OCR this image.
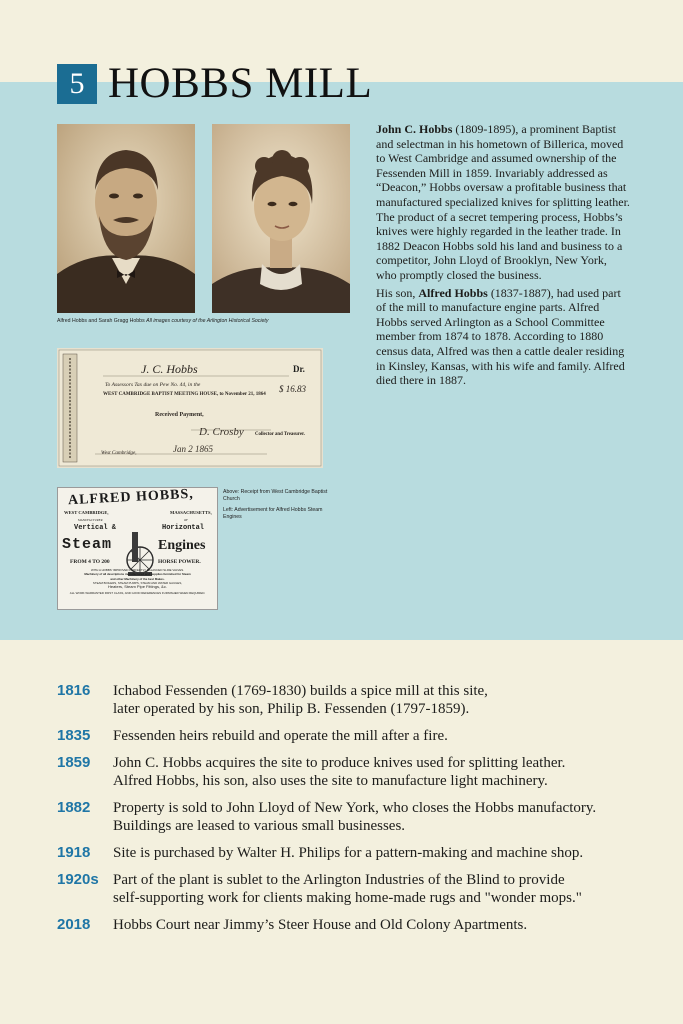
5 HOBBS MILL
Alfred Hobbs and Sarah Gragg Hobbs All images courtesy of the Arlington Historical Society
J. C. Hobbs	Dr.
To Assessors Tax due on Pew No. 44, in the
WEST CAMBRIDGE BAPTIST MEETING HOUSE, to November 21, 1864
$ 16.83
Received Payment,
D. Crosby Collector and Treasurer.
West Cambridge,	Jan 2 1865
ALFRED HOBBS,
WEST CAMBRIDGE,	MASSACHUSETTS,
MANUFACTURER	OF
Vertical &	Horizontal
Steam	Engines
FROM 4 TO 200	HORSE POWER.
WITH A HOBBS' IMPROVED PERFECTLY BALANCED SLIDE VALVES.
Machinery of all descriptions manufactured and supplies furnished for Steam
and other Machinery of the best Makes.
STEAM BOILERS, STEAM PUMPS, STEAM AND WATER GAUGES,
Heaters, Steam Pipe Fittings, &c.
ALL WORK WARRANTED FIRST CLASS, AND GOOD REFERENCES FURNISHED WHEN REQUIRED.

Above: Receipt from West Cambridge Baptist Church

Left: Advertisement for Alfred Hobbs Steam Engines

John C. Hobbs (1809-1895), a prominent Baptist and selectman in his hometown of Billerica, moved to West Cambridge and assumed ownership of the Fessenden Mill in 1859. Invariably addressed as “Deacon,” Hobbs oversaw a profitable business that manufactured specialized knives for splitting leather. The product of a secret tempering process, Hobbs’s knives were highly regarded in the leather trade. In 1882 Deacon Hobbs sold his land and business to a competitor, John Lloyd of Brooklyn, New York, who promptly closed the business.

His son, Alfred Hobbs (1837-1887), had used part of the mill to manufacture engine parts. Alfred Hobbs served Arlington as a School Committee member from 1874 to 1878. According to 1880 census data, Alfred was then a cattle dealer residing in Kinsley, Kansas, with his wife and family. Alfred died there in 1887.

1816	Ichabod Fessenden (1769-1830) builds a spice mill at this site,
later operated by his son, Philip B. Fessenden (1797-1859).
1835	Fessenden heirs rebuild and operate the mill after a fire.
1859	John C. Hobbs acquires the site to produce knives used for splitting leather.
Alfred Hobbs, his son, also uses the site to manufacture light machinery.
1882	Property is sold to John Lloyd of New York, who closes the Hobbs manufactory.
Buildings are leased to various small businesses.
1918	Site is purchased by Walter H. Philips for a pattern-making and machine shop.
1920s Part of the plant is sublet to the Arlington Industries of the Blind to provide
self-supporting work for clients making home-made rugs and "wonder mops."
2018	Hobbs Court near Jimmy’s Steer House and Old Colony Apartments.
